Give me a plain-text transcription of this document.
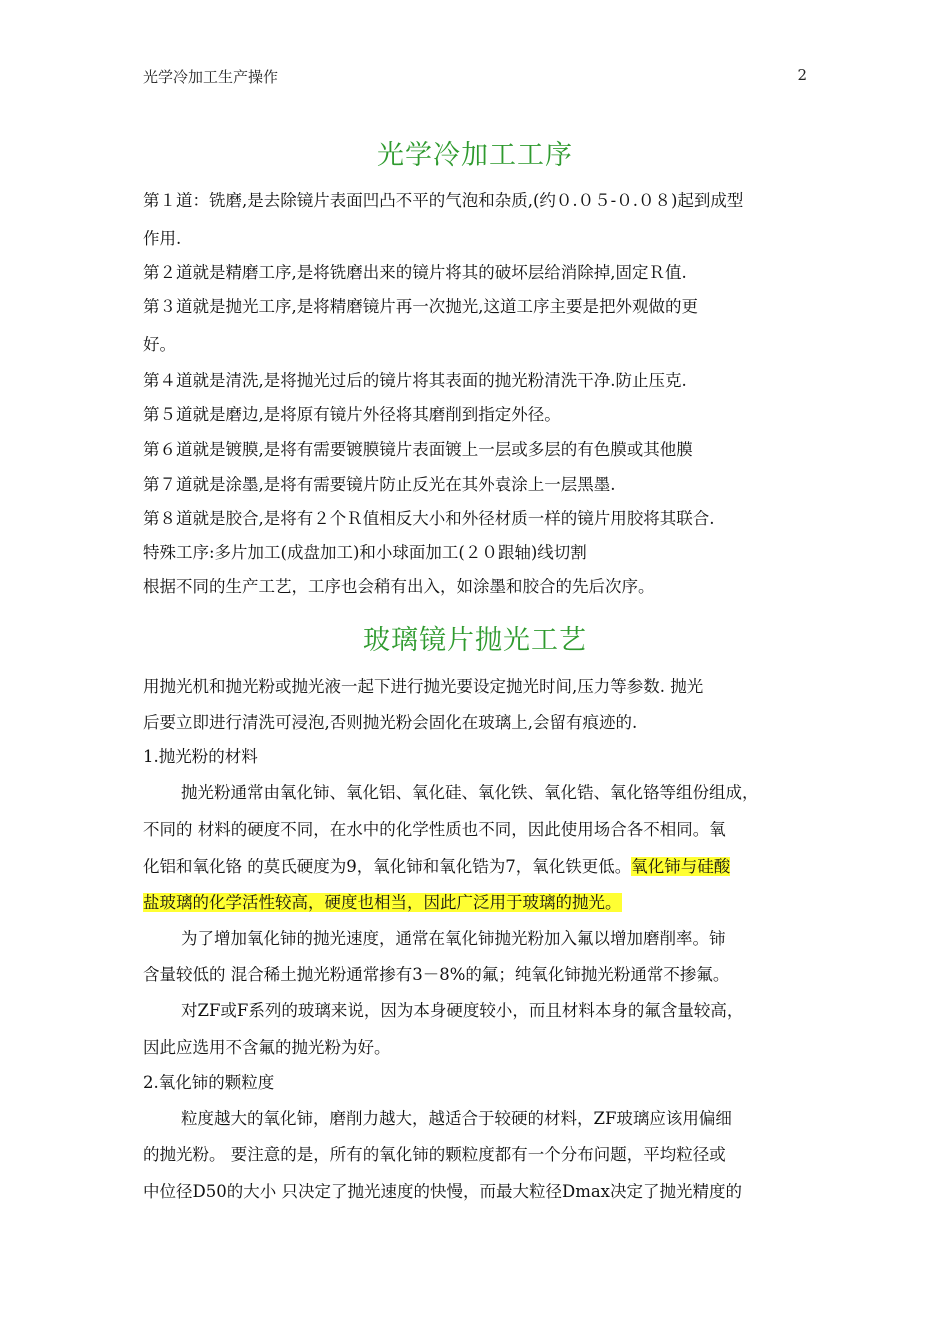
光学冷加工生产操作	2
光学冷加工工序
第１道：铣磨,是去除镜片表面凹凸不平的气泡和杂质,(约０.０５-０.０８)起到成型
作用.
第２道就是精磨工序,是将铣磨出来的镜片将其的破坏层给消除掉,固定Ｒ值.
第３道就是抛光工序,是将精磨镜片再一次抛光,这道工序主要是把外观做的更
好。
第４道就是清洗,是将抛光过后的镜片将其表面的抛光粉清洗干净.防止压克.
第５道就是磨边,是将原有镜片外径将其磨削到指定外径。
第６道就是镀膜,是将有需要镀膜镜片表面镀上一层或多层的有色膜或其他膜
第７道就是涂墨,是将有需要镜片防止反光在其外袁涂上一层黑墨.
第８道就是胶合,是将有２个Ｒ值相反大小和外径材质一样的镜片用胶将其联合.
特殊工序:多片加工(成盘加工)和小球面加工(２０跟轴)线切割
根据不同的生产工艺，工序也会稍有出入，如涂墨和胶合的先后次序。
玻璃镜片抛光工艺
用抛光机和抛光粉或抛光液一起下进行抛光要设定抛光时间,压力等参数. 抛光
后要立即进行清洗可浸泡,否则抛光粉会固化在玻璃上,会留有痕迹的.
1.抛光粉的材料
抛光粉通常由氧化铈、氧化铝、氧化硅、氧化铁、氧化锆、氧化铬等组份组成，
不同的 材料的硬度不同，在水中的化学性质也不同，因此使用场合各不相同。氧
化铝和氧化铬 的莫氏硬度为9，氧化铈和氧化锆为7，氧化铁更低。氧化铈与硅酸
盐玻璃的化学活性较高，硬度也相当，因此广泛用于玻璃的抛光。
为了增加氧化铈的抛光速度，通常在氧化铈抛光粉加入氟以增加磨削率。铈
含量较低的 混合稀土抛光粉通常掺有3－8%的氟；纯氧化铈抛光粉通常不掺氟。
对ZF或F系列的玻璃来说，因为本身硬度较小，而且材料本身的氟含量较高，
因此应选用不含氟的抛光粉为好。
2.氧化铈的颗粒度
粒度越大的氧化铈，磨削力越大，越适合于较硬的材料，ZF玻璃应该用偏细
的抛光粉。 要注意的是，所有的氧化铈的颗粒度都有一个分布问题，平均粒径或
中位径D50的大小 只决定了抛光速度的快慢，而最大粒径Dmax决定了抛光精度的
